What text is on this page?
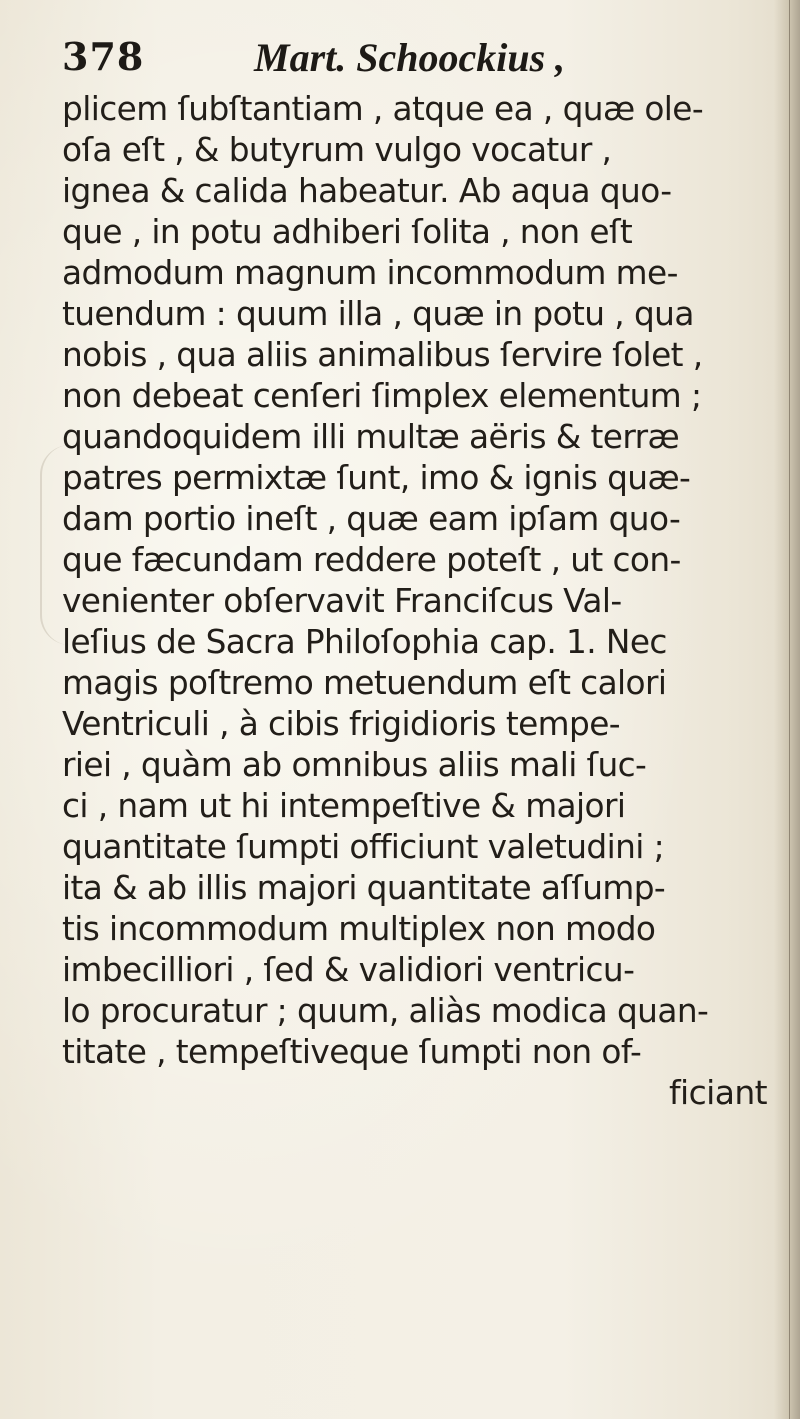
378	Mart. Schoockius ,
plicem ſubſtantiam , atque ea , quæ ole-
oſa eſt , & butyrum vulgo vocatur ,
ignea & calida habeatur. Ab aqua quo-
que , in potu adhiberi ſolita , non eſt
admodum magnum incommodum me-
tuendum : quum illa , quæ in potu , qua
nobis , qua aliis animalibus ſervire ſolet ,
non debeat cenſeri ſimplex elementum ;
quandoquidem illi multæ aëris & terræ
patres permixtæ ſunt, imo & ignis quæ-
dam portio ineſt , quæ eam ipſam quo-
que fæcundam reddere poteſt , ut con-
venienter obſervavit Franciſcus Val-
leſius de Sacra Philoſophia cap. 1. Nec
magis poſtremo metuendum eſt calori
Ventriculi , à cibis frigidioris tempe-
riei , quàm ab omnibus aliis mali ſuc-
ci , nam ut hi intempeſtive & majori
quantitate ſumpti officiunt valetudini ;
ita & ab illis majori quantitate aſſump-
tis incommodum multiplex non modo
imbecilliori , ſed & validiori ventricu-
lo procuratur ; quum, aliàs modica quan-
titate , tempeſtiveque ſumpti non of-
ficiant
